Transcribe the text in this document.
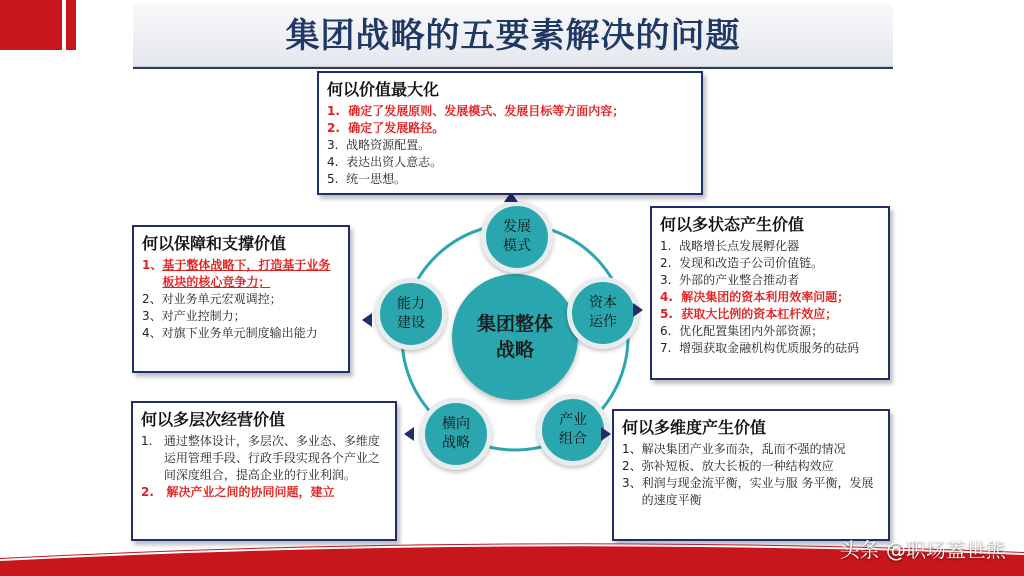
集团战略的五要素解决的问题
集团整体战略
发展模式
资本运作
产业组合
横向战略
能力建设
何以价值最大化
1.
确定了发展原则、发展模式、发展目标等方面内容；
2.
确定了发展路径。
3.
战略资源配置。
4.
表达出资人意志。
5.
统一思想。
何以保障和支撑价值
1、 基于整体战略下，打造基于业务板块的核心竞争力；
2、 对业务单元宏观调控；
3、 对产业控制力；
4、 对旗下业务单元制度输出能力
何以多状态产生价值
1.
战略增长点发展孵化器
2.
发现和改造子公司价值链。
3.
外部的产业整合推动者
4.
解决集团的资本利用效率问题；
5.
获取大比例的资本杠杆效应；
6.
优化配置集团内外部资源；
7.
增强获取金融机构优质服务的砝码
何以多层次经营价值
1.
通过整体设计，多层次、多业态、多维度运用管理手段、行政手段实现各个产业之间深度组合，提高企业的行业利润。
2.
解决产业之间的协同问题，建立
何以多维度产生价值
1、 解决集团产业多而杂，乱而不强的情况
2、 弥补短板、放大长板的一种结构效应
3、 利润与现金流平衡，实业与服 务平衡，发展的速度平衡
头条 @职场蓋世熊
